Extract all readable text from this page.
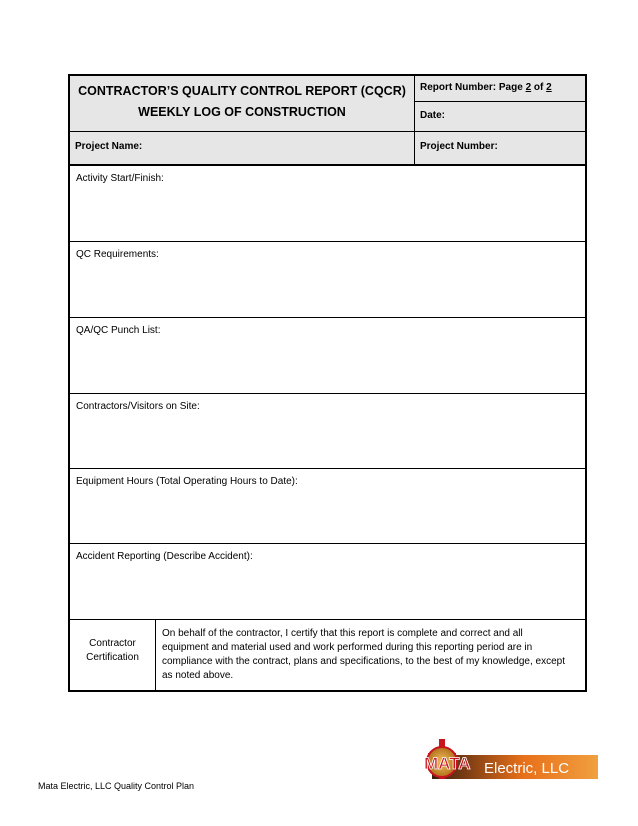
CONTRACTOR’S QUALITY CONTROL REPORT (CQCR)
WEEKLY LOG OF CONSTRUCTION
Report Number: Page 2 of 2
Date:
Project Name:	Project Number:
Activity Start/Finish:
QC Requirements:
QA/QC Punch List:
Contractors/Visitors on Site:
Equipment Hours (Total Operating Hours to Date):
Accident Reporting (Describe Accident):
Contractor
Certification
On behalf of the contractor, I certify that this report is complete and correct and all equipment and material used and work performed during this reporting period are in compliance with the contract, plans and specifications, to the best of my knowledge, except as noted above.
MATA Electric, LLC
Mata Electric, LLC Quality Control Plan
